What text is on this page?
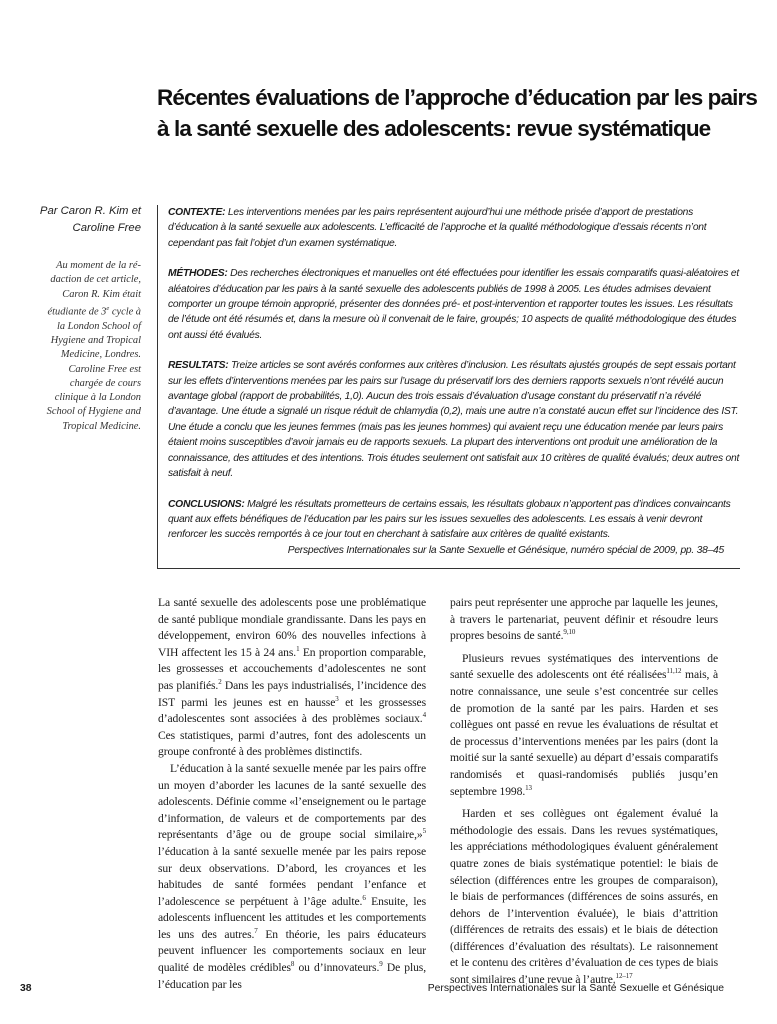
Récentes évaluations de l’approche d’éducation par les pairs
à la santé sexuelle des adolescents: revue systématique
Par Caron R. Kim et
Caroline Free
Au moment de la ré-
daction de cet article,
Caron R. Kim était
étudiante de 3e cycle à
la London School of
Hygiene and Tropical
Medicine, Londres.
Caroline Free est
chargée de cours
clinique à la London
School of Hygiene and
Tropical Medicine.

CONTEXTE: Les interventions menées par les pairs représentent aujourd’hui une méthode prisée d’apport de prestations d’éducation à la santé sexuelle aux adolescents. L’efficacité de l’approche et la qualité méthodologique d’essais récents n’ont cependant pas fait l’objet d’un examen systématique.

MÉTHODES: Des recherches électroniques et manuelles ont été effectuées pour identifier les essais comparatifs quasi-aléatoires et aléatoires d’éducation par les pairs à la santé sexuelle des adolescents publiés de 1998 à 2005. Les études admises devaient comporter un groupe témoin approprié, présenter des données pré- et post-intervention et rapporter toutes les issues. Les résultats de l’étude ont été résumés et, dans la mesure où il convenait de le faire, groupés; 10 aspects de qualité méthodologique des études ont aussi été évalués.

RESULTATS: Treize articles se sont avérés conformes aux critères d’inclusion. Les résultats ajustés groupés de sept essais portant sur les effets d’interventions menées par les pairs sur l’usage du préservatif lors des derniers rapports sexuels n’ont révélé aucun avantage global (rapport de probabilités, 1,0). Aucun des trois essais d’évaluation d’usage constant du préservatif n’a révélé d’avantage. Une étude a signalé un risque réduit de chlamydia (0,2), mais une autre n’a constaté aucun effet sur l’incidence des IST. Une étude a conclu que les jeunes femmes (mais pas les jeunes hommes) qui avaient reçu une éducation menée par leurs pairs étaient moins susceptibles d’avoir jamais eu de rapports sexuels. La plupart des interventions ont produit une amélioration de la connaissance, des attitudes et des intentions. Trois études seulement ont satisfait aux 10 critères de qualité évalués; deux autres ont satisfait à neuf.

CONCLUSIONS: Malgré les résultats prometteurs de certains essais, les résultats globaux n’apportent pas d’indices convaincants quant aux effets bénéfiques de l’éducation par les pairs sur les issues sexuelles des adolescents. Les essais à venir devront renforcer les succès remportés à ce jour tout en cherchant à satisfaire aux critères de qualité existants.

Perspectives Internationales sur la Sante Sexuelle et Génésique, numéro spécial de 2009, pp. 38–45

La santé sexuelle des adolescents pose une problématique de santé publique mondiale grandissante. Dans les pays en développement, environ 60% des nouvelles infections à VIH affectent les 15 à 24 ans.$^1$ En proportion comparable, les grossesses et accouchements d’adolescentes ne sont pas planifiés.$^2$ Dans les pays industrialisés, l’incidence des IST parmi les jeunes est en hausse$^3$ et les grossesses d’adolescentes sont associées à des problèmes sociaux.$^4$ Ces statistiques, parmi d’autres, font des adolescents un groupe confronté à des problèmes distinctifs.

L’éducation à la santé sexuelle menée par les pairs offre un moyen d’aborder les lacunes de la santé sexuelle des adolescents. Définie comme «l’enseignement ou le partage d’information, de valeurs et de comportements par des représentants d’âge ou de groupe social similaire,»$^5$ l’éducation à la santé sexuelle menée par les pairs repose sur deux observations. D’abord, les croyances et les habitudes de santé formées pendant l’enfance et l’adolescence se perpétuent à l’âge adulte.$^6$ Ensuite, les adolescents influencent les attitudes et les comportements les uns des autres.$^7$ En théorie, les pairs éducateurs peuvent influencer les comportements sociaux en leur qualité de modèles crédibles$^8$ ou d’innovateurs.$^9$ De plus, l’éducation par les

pairs peut représenter une approche par laquelle les jeunes, à travers le partenariat, peuvent définir et résoudre leurs propres besoins de santé.$^{9,10}$

Plusieurs revues systématiques des interventions de santé sexuelle des adolescents ont été réalisées$^{11,12}$ mais, à notre connaissance, une seule s’est concentrée sur celles de promotion de la santé par les pairs. Harden et ses collègues ont passé en revue les évaluations de résultat et de processus d’interventions menées par les pairs (dont la moitié sur la santé sexuelle) au départ d’essais comparatifs randomisés et quasi-randomisés publiés jusqu’en septembre 1998.13

Harden et ses collègues ont également évalué la méthodologie des essais. Dans les revues systématiques, les appréciations méthodologiques évaluent généralement quatre zones de biais systématique potentiel: le biais de sélection (différences entre les groupes de comparaison), le biais de performances (différences de soins assurés, en dehors de l’intervention évaluée), le biais d’attrition (différences de retraits des essais) et le biais de détection (différences d’évaluation des résultats). Le raisonnement et le contenu des critères d’évaluation de ces types de biais sont similaires d’une revue à l’autre.$^{12-17}$

38	Perspectives Internationales sur la Santé Sexuelle et Génésique
